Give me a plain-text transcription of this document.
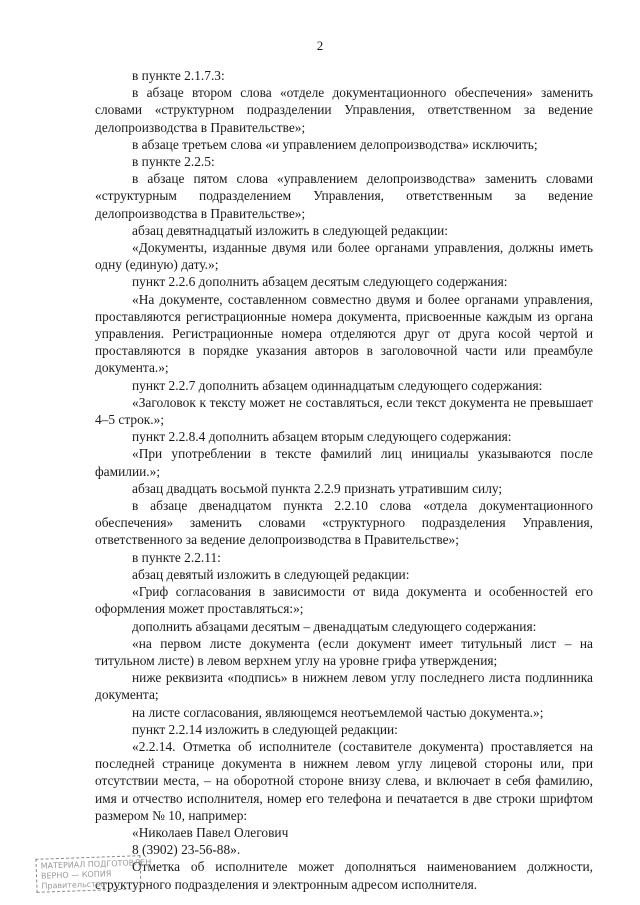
2

в пункте 2.1.7.3:

в абзаце втором слова «отделе документационного обеспечения» заменить словами «структурном подразделении Управления, ответственном за ведение делопроизводства в Правительстве»;

в абзаце третьем слова «и управлением делопроизводства» исключить;

в пункте 2.2.5:

в абзаце пятом слова «управлением делопроизводства» заменить словами «структурным подразделением Управления, ответственным за ведение делопроизводства в Правительстве»;

абзац девятнадцатый изложить в следующей редакции:

«Документы, изданные двумя или более органами управления, должны иметь одну (единую) дату.»;

пункт 2.2.6 дополнить абзацем десятым следующего содержания:

«На документе, составленном совместно двумя и более органами управления, проставляются регистрационные номера документа, присвоенные каждым из органа управления. Регистрационные номера отделяются друг от друга косой чертой и проставляются в порядке указания авторов в заголовочной части или преамбуле документа.»;

пункт 2.2.7 дополнить абзацем одиннадцатым следующего содержания:

«Заголовок к тексту может не составляться, если текст документа не превышает 4–5 строк.»;

пункт 2.2.8.4 дополнить абзацем вторым следующего содержания:

«При употреблении в тексте фамилий лиц инициалы указываются после фамилии.»;

абзац двадцать восьмой пункта 2.2.9 признать утратившим силу;

в абзаце двенадцатом пункта 2.2.10 слова «отдела документационного обеспечения» заменить словами «структурного подразделения Управления, ответственного за ведение делопроизводства в Правительстве»;

в пункте 2.2.11:

абзац девятый изложить в следующей редакции:

«Гриф согласования в зависимости от вида документа и особенностей его оформления может проставляться:»;

дополнить абзацами десятым – двенадцатым следующего содержания:

«на первом листе документа (если документ имеет титульный лист – на титульном листе) в левом верхнем углу на уровне грифа утверждения;

ниже реквизита «подпись» в нижнем левом углу последнего листа подлинника документа;

на листе согласования, являющемся неотъемлемой частью документа.»;

пункт 2.2.14 изложить в следующей редакции:

«2.2.14. Отметка об исполнителе (составителе документа) проставляется на последней странице документа в нижнем левом углу лицевой стороны или, при отсутствии места, – на оборотной стороне внизу слева, и включает в себя фамилию, имя и отчество исполнителя, номер его телефона и печатается в две строки шрифтом размером № 10, например:

«Николаев Павел Олегович

8 (3902) 23-56-88».

Отметка об исполнителе может дополняться наименованием должности, структурного подразделения и электронным адресом исполнителя.

МАТЕРИАЛ ПОДГОТОВЛЕН
ВЕРНО — КОПИЯ
Правительство
